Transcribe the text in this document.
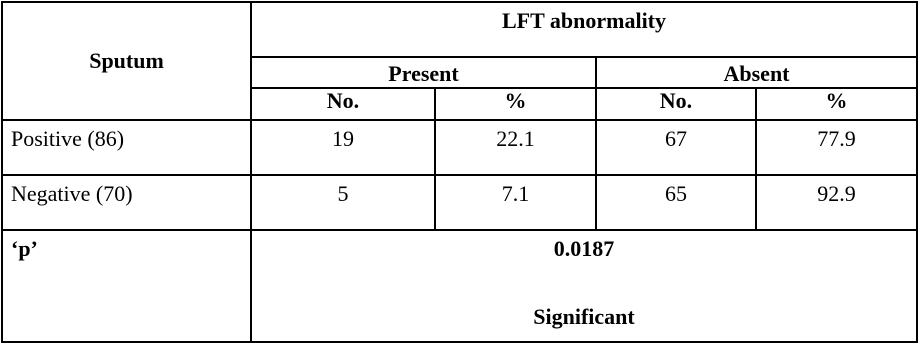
Sputum	LFT abnormality			
	Present		Absent	
	No.	%	No.	%
Positive (86)	19	22.1	67	77.9
Negative (70)	5	7.1	65	92.9
‘p’	0.0187
Significant			
